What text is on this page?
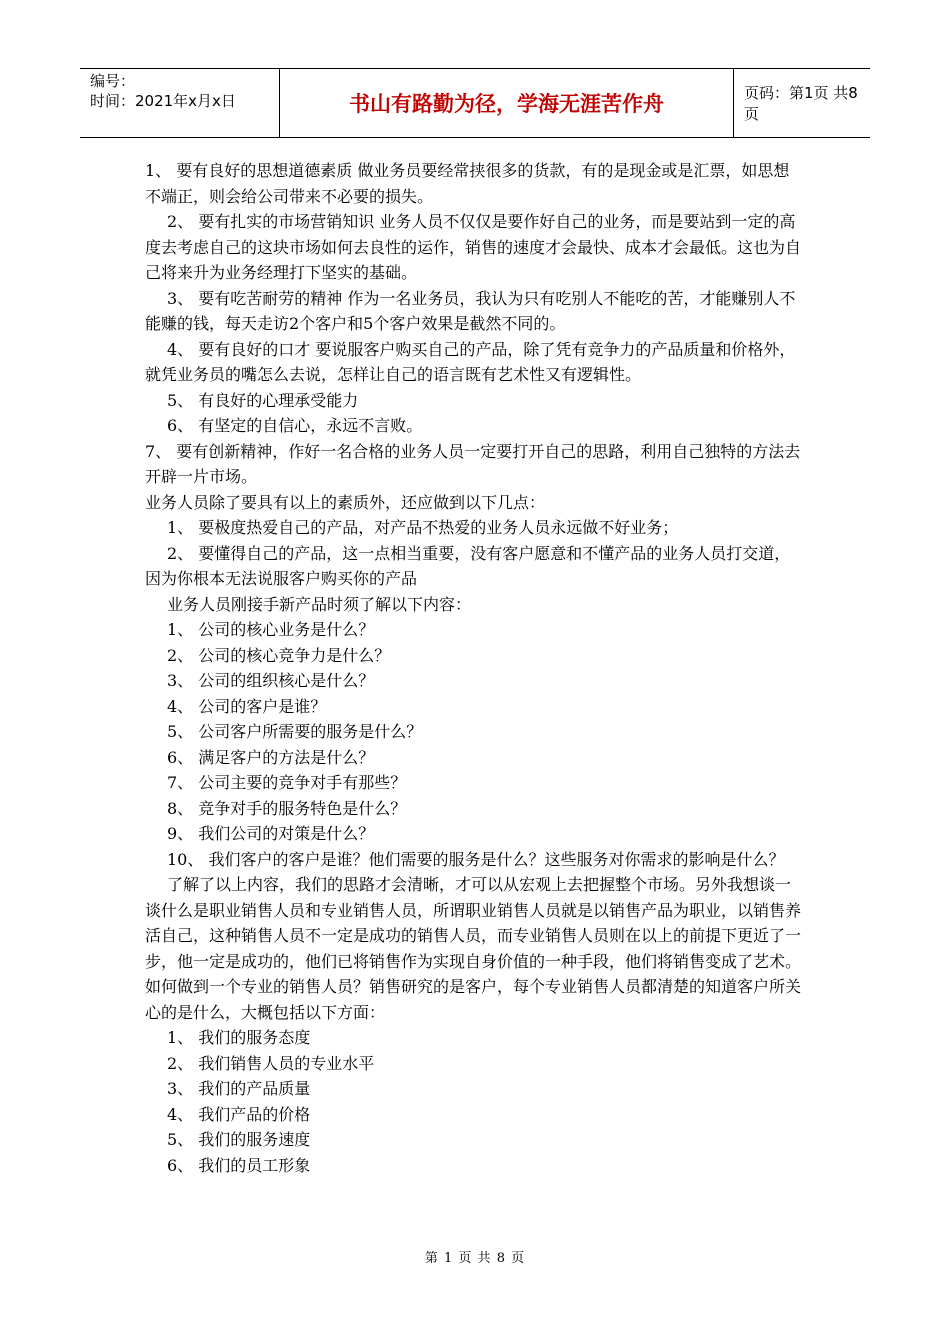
编号：
时间：2021年x月x日	书山有路勤为径，学海无涯苦作舟	页码：第1页 共8页

1、 要有良好的思想道德素质 做业务员要经常挟很多的货款，有的是现金或是汇票，如思想不端正，则会给公司带来不必要的损失。

2、 要有扎实的市场营销知识 业务人员不仅仅是要作好自己的业务，而是要站到一定的高度去考虑自己的这块市场如何去良性的运作，销售的速度才会最快、成本才会最低。这也为自己将来升为业务经理打下坚实的基础。

3、 要有吃苦耐劳的精神 作为一名业务员，我认为只有吃别人不能吃的苦，才能赚别人不能赚的钱，每天走访2个客户和5个客户效果是截然不同的。

4、 要有良好的口才 要说服客户购买自己的产品，除了凭有竞争力的产品质量和价格外，就凭业务员的嘴怎么去说，怎样让自己的语言既有艺术性又有逻辑性。

5、 有良好的心理承受能力

6、 有坚定的自信心，永远不言败。

7、 要有创新精神，作好一名合格的业务人员一定要打开自己的思路，利用自己独特的方法去开辟一片市场。

业务人员除了要具有以上的素质外，还应做到以下几点：

1、 要极度热爱自己的产品，对产品不热爱的业务人员永远做不好业务；

2、 要懂得自己的产品，这一点相当重要，没有客户愿意和不懂产品的业务人员打交道，因为你根本无法说服客户购买你的产品

业务人员刚接手新产品时须了解以下内容：

1、 公司的核心业务是什么？

2、 公司的核心竞争力是什么？

3、 公司的组织核心是什么？

4、 公司的客户是谁？

5、 公司客户所需要的服务是什么？

6、 满足客户的方法是什么？

7、 公司主要的竞争对手有那些？

8、 竞争对手的服务特色是什么？

9、 我们公司的对策是什么？

10、 我们客户的客户是谁？他们需要的服务是什么？这些服务对你需求的影响是什么？

了解了以上内容，我们的思路才会清晰，才可以从宏观上去把握整个市场。另外我想谈一谈什么是职业销售人员和专业销售人员，所谓职业销售人员就是以销售产品为职业，以销售养活自己，这种销售人员不一定是成功的销售人员，而专业销售人员则在以上的前提下更近了一步，他一定是成功的，他们已将销售作为实现自身价值的一种手段，他们将销售变成了艺术。如何做到一个专业的销售人员？销售研究的是客户，每个专业销售人员都清楚的知道客户所关心的是什么，大概包括以下方面：

1、 我们的服务态度

2、 我们销售人员的专业水平

3、 我们的产品质量

4、 我们产品的价格

5、 我们的服务速度

6、 我们的员工形象

第 1 页 共 8 页
